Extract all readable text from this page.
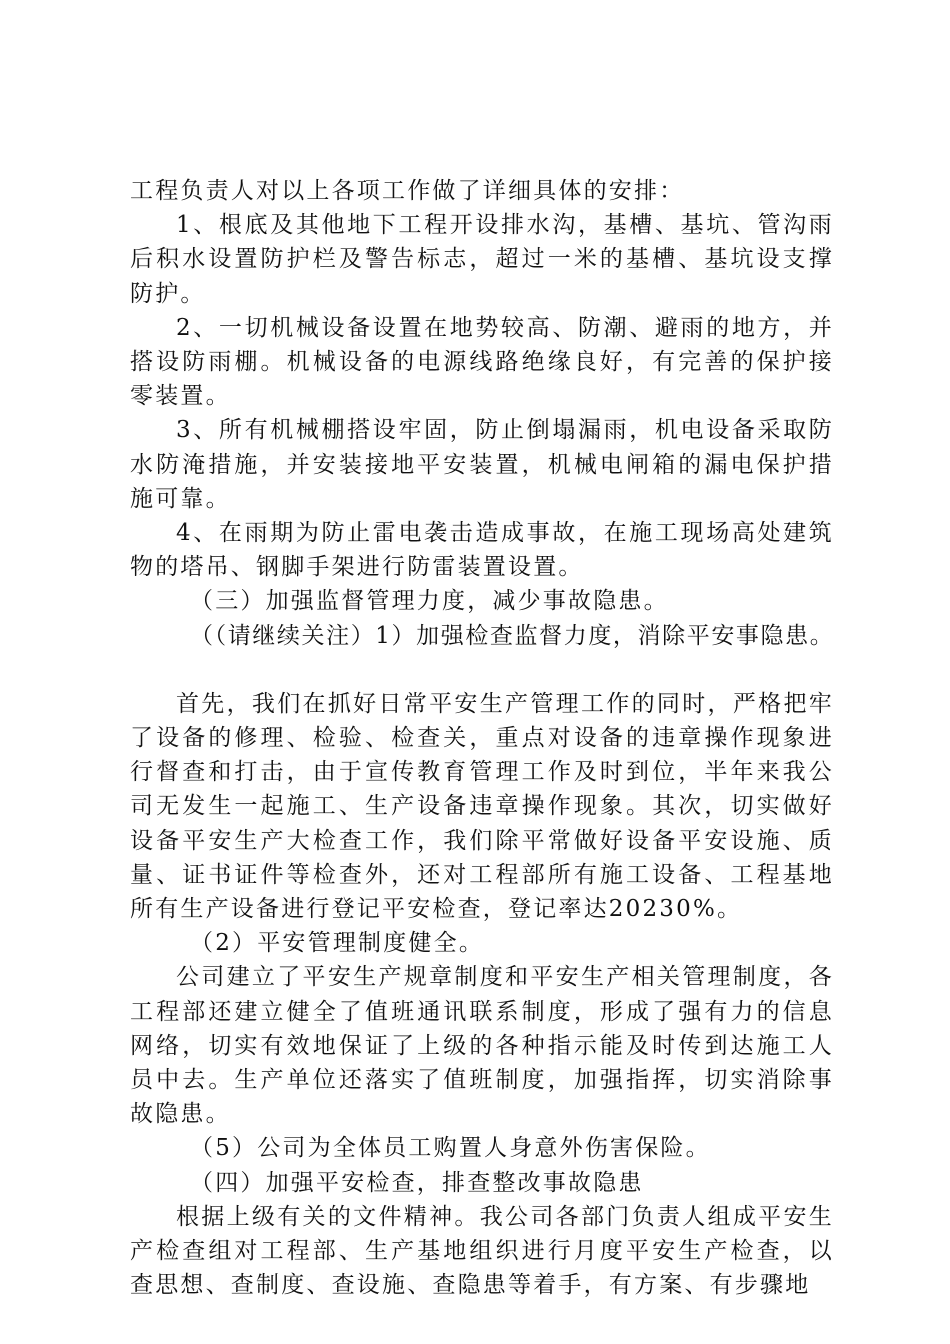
工程负责人对以上各项工作做了详细具体的安排：

1、根底及其他地下工程开设排水沟，基槽、基坑、管沟雨后积水设置防护栏及警告标志，超过一米的基槽、基坑设支撑防护。

2、一切机械设备设置在地势较高、防潮、避雨的地方，并搭设防雨棚。机械设备的电源线路绝缘良好，有完善的保护接零装置。

3、所有机械棚搭设牢固，防止倒塌漏雨，机电设备采取防水防淹措施，并安装接地平安装置，机械电闸箱的漏电保护措施可靠。

4、在雨期为防止雷电袭击造成事故，在施工现场高处建筑物的塔吊、钢脚手架进行防雷装置设置。

（三）加强监督管理力度，减少事故隐患。

（（请继续关注）1）加强检查监督力度，消除平安事隐患。

首先，我们在抓好日常平安生产管理工作的同时，严格把牢了设备的修理、检验、检查关，重点对设备的违章操作现象进行督查和打击，由于宣传教育管理工作及时到位，半年来我公司无发生一起施工、生产设备违章操作现象。其次，切实做好设备平安生产大检查工作，我们除平常做好设备平安设施、质量、证书证件等检查外，还对工程部所有施工设备、工程基地所有生产设备进行登记平安检查，登记率达20230%。

（2）平安管理制度健全。

公司建立了平安生产规章制度和平安生产相关管理制度，各工程部还建立健全了值班通讯联系制度，形成了强有力的信息网络，切实有效地保证了上级的各种指示能及时传到达施工人员中去。生产单位还落实了值班制度，加强指挥，切实消除事故隐患。

（5）公司为全体员工购置人身意外伤害保险。

（四）加强平安检查，排查整改事故隐患

根据上级有关的文件精神。我公司各部门负责人组成平安生产检查组对工程部、生产基地组织进行月度平安生产检查，以查思想、查制度、查设施、查隐患等着手，有方案、有步骤地
